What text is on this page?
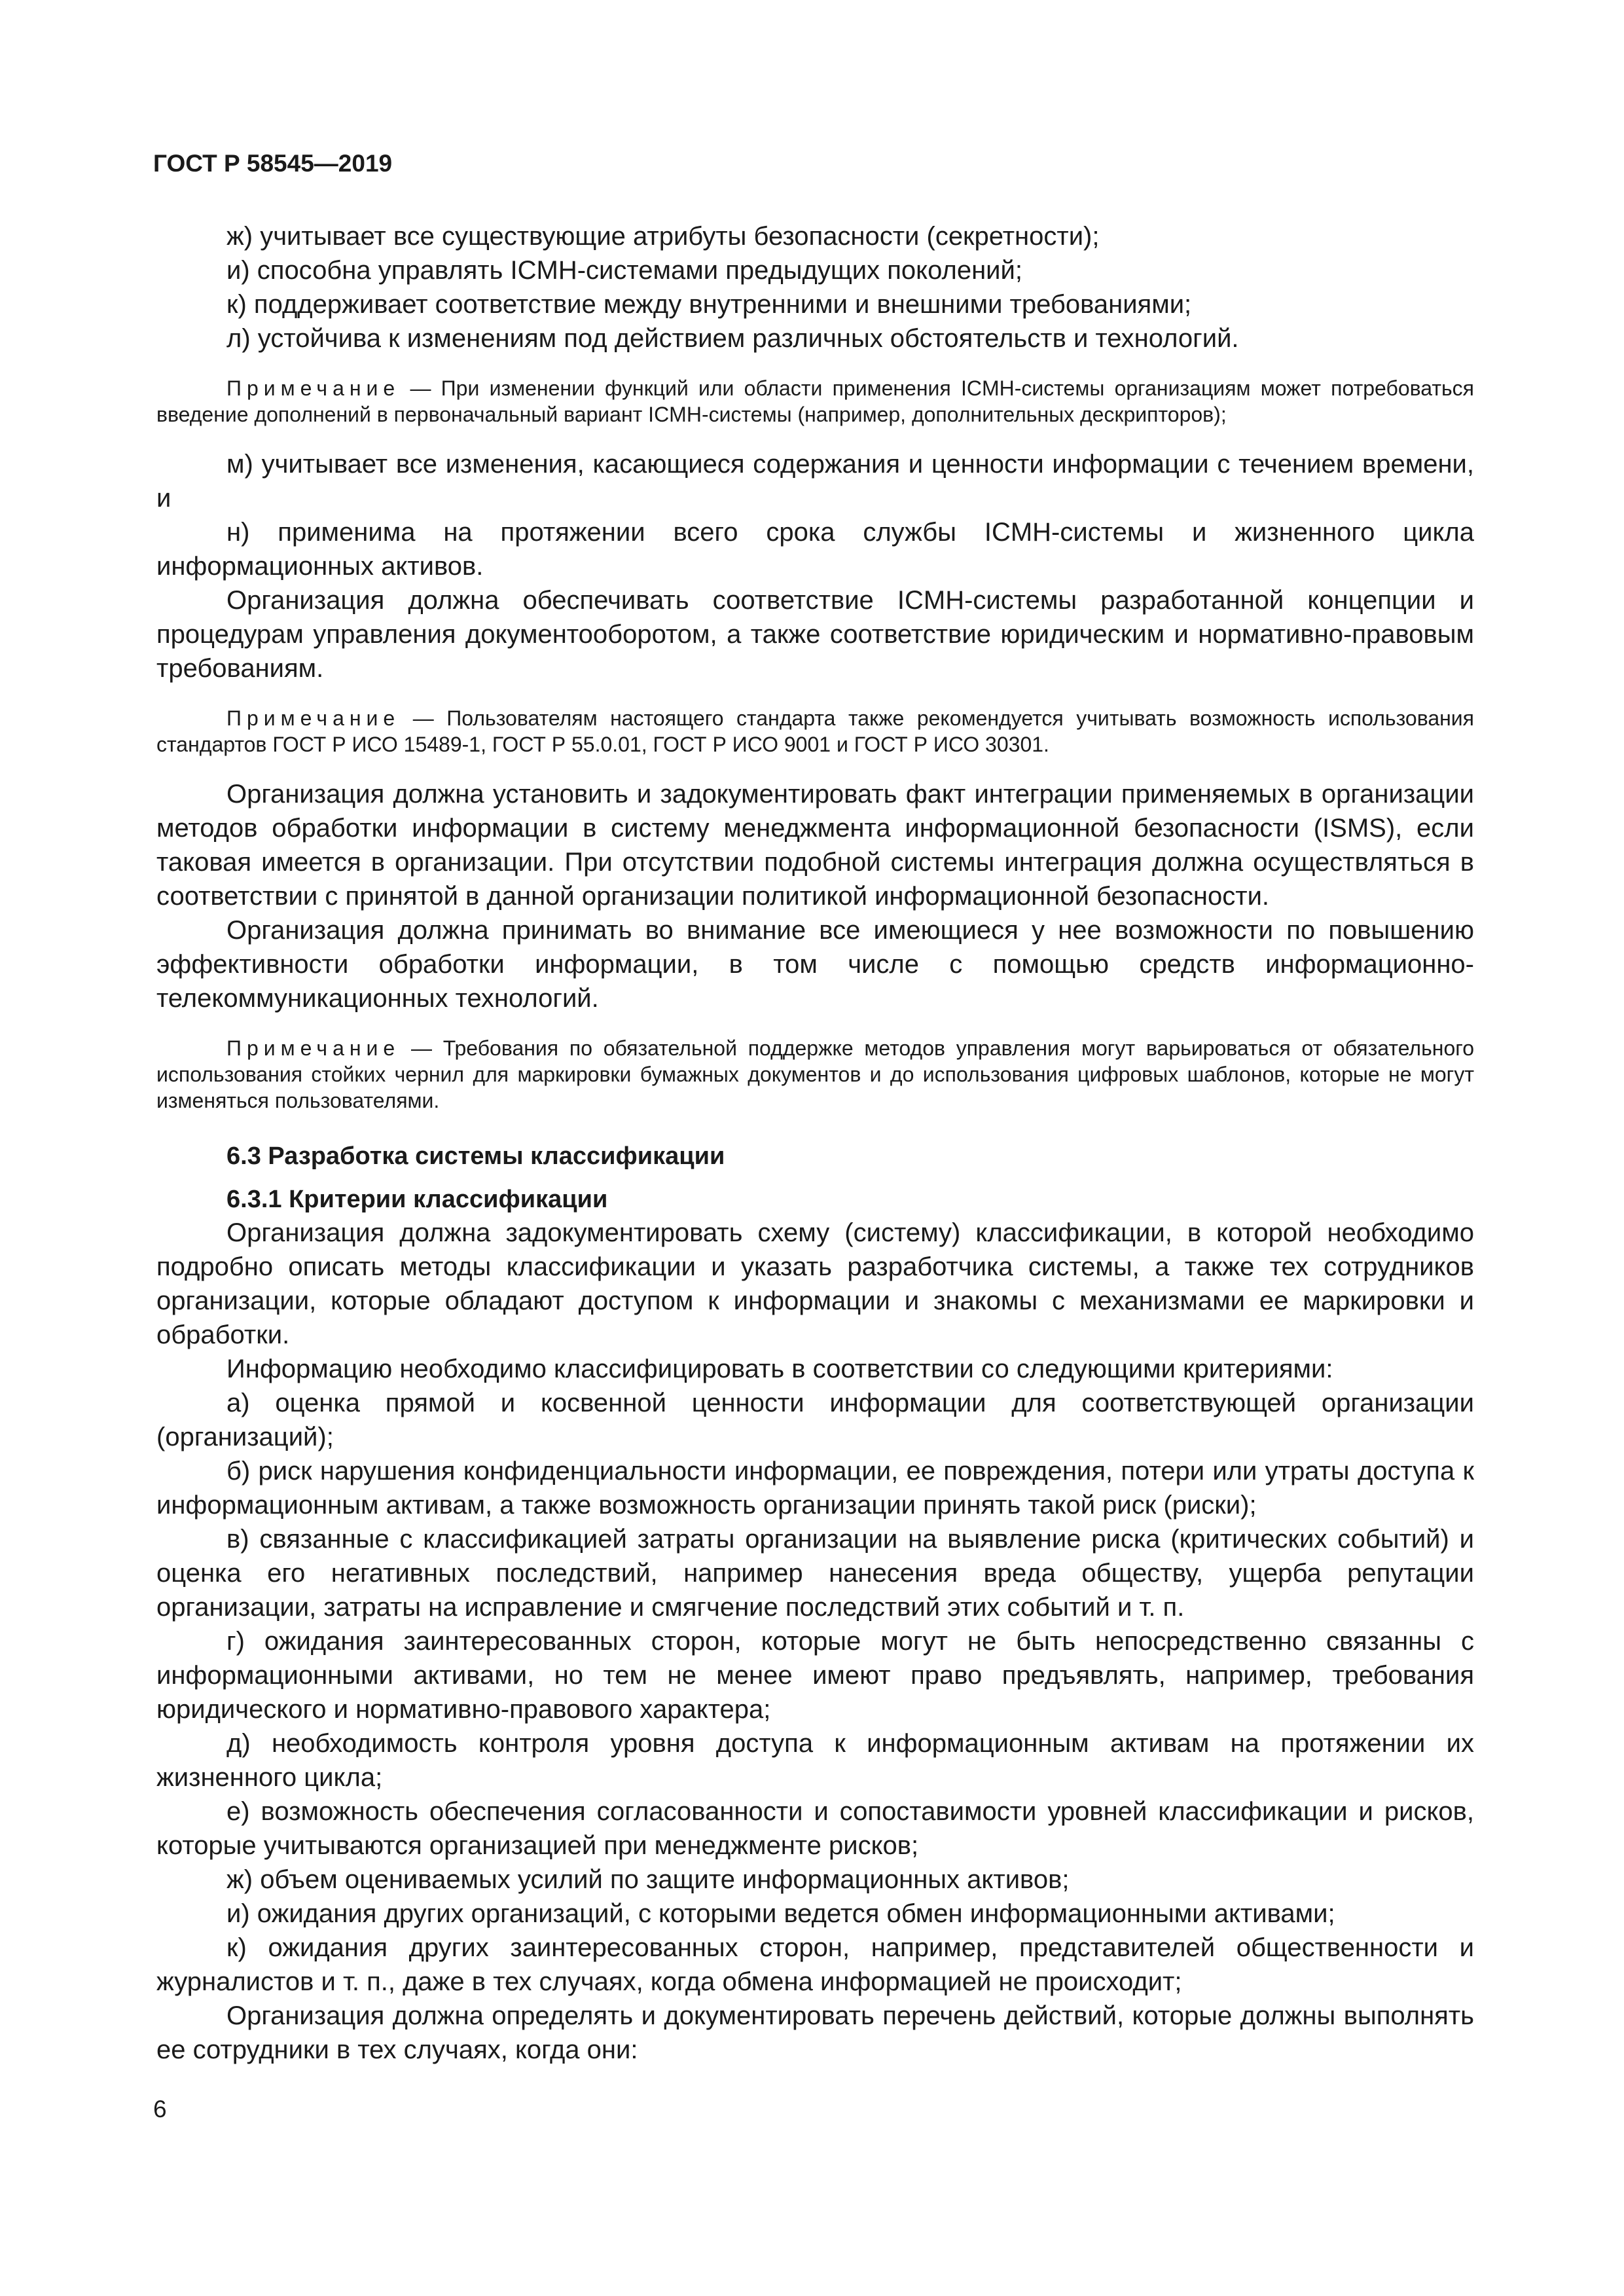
ГОСТ Р 58545—2019

ж) учитывает все существующие атрибуты безопасности (секретности);

и) способна управлять ICMH-системами предыдущих поколений;

к) поддерживает соответствие между внутренними и внешними требованиями;

л) устойчива к изменениям под действием различных обстоятельств и технологий.

Примечание — При изменении функций или области применения ICMH-системы организациям может потребоваться введение дополнений в первоначальный вариант ICMH-системы (например, дополнительных дескрипторов);

м) учитывает все изменения, касающиеся содержания и ценности информации с течением времени, и

н) применима на протяжении всего срока службы ICMH-системы и жизненного цикла информационных активов.

Организация должна обеспечивать соответствие ICMH-системы разработанной концепции и процедурам управления документооборотом, а также соответствие юридическим и нормативно-правовым требованиям.

Примечание — Пользователям настоящего стандарта также рекомендуется учитывать возможность использования стандартов ГОСТ Р ИСО 15489-1, ГОСТ Р 55.0.01, ГОСТ Р ИСО 9001 и ГОСТ Р ИСО 30301.

Организация должна установить и задокументировать факт интеграции применяемых в организации методов обработки информации в систему менеджмента информационной безопасности (ISMS), если таковая имеется в организации. При отсутствии подобной системы интеграция должна осуществляться в соответствии с принятой в данной организации политикой информационной безопасности.

Организация должна принимать во внимание все имеющиеся у нее возможности по повышению эффективности обработки информации, в том числе с помощью средств информационно-телекоммуникационных технологий.

Примечание — Требования по обязательной поддержке методов управления могут варьироваться от обязательного использования стойких чернил для маркировки бумажных документов и до использования цифровых шаблонов, которые не могут изменяться пользователями.

6.3 Разработка системы классификации
6.3.1 Критерии классификации

Организация должна задокументировать схему (систему) классификации, в которой необходимо подробно описать методы классификации и указать разработчика системы, а также тех сотрудников организации, которые обладают доступом к информации и знакомы с механизмами ее маркировки и обработки.

Информацию необходимо классифицировать в соответствии со следующими критериями:

а) оценка прямой и косвенной ценности информации для соответствующей организации (организаций);

б) риск нарушения конфиденциальности информации, ее повреждения, потери или утраты доступа к информационным активам, а также возможность организации принять такой риск (риски);

в) связанные с классификацией затраты организации на выявление риска (критических событий) и оценка его негативных последствий, например нанесения вреда обществу, ущерба репутации организации, затраты на исправление и смягчение последствий этих событий и т. п.

г) ожидания заинтересованных сторон, которые могут не быть непосредственно связанны с информационными активами, но тем не менее имеют право предъявлять, например, требования юридического и нормативно-правового характера;

д) необходимость контроля уровня доступа к информационным активам на протяжении их жизненного цикла;

е) возможность обеспечения согласованности и сопоставимости уровней классификации и рисков, которые учитываются организацией при менеджменте рисков;

ж) объем оцениваемых усилий по защите информационных активов;

и) ожидания других организаций, с которыми ведется обмен информационными активами;

к) ожидания других заинтересованных сторон, например, представителей общественности и журналистов и т. п., даже в тех случаях, когда обмена информацией не происходит;

Организация должна определять и документировать перечень действий, которые должны выполнять ее сотрудники в тех случаях, когда они:

6
